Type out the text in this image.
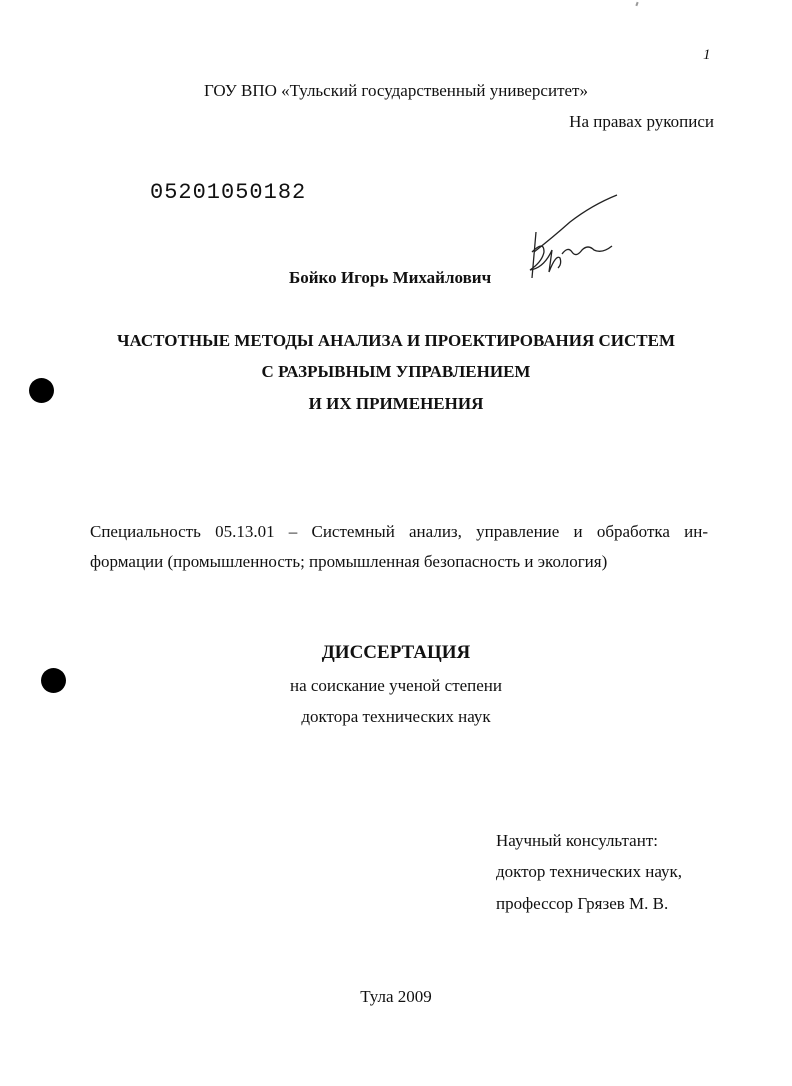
1
ГОУ ВПО «Тульский государственный университет»
На правах рукописи
05201050182
Бойко Игорь Михайлович
ЧАСТОТНЫЕ МЕТОДЫ АНАЛИЗА И ПРОЕКТИРОВАНИЯ СИСТЕМ
С РАЗРЫВНЫМ УПРАВЛЕНИЕМ
И ИХ ПРИМЕНЕНИЯ

Специальность 05.13.01 – Системный анализ, управление и обработка ин-

формации (промышленность; промышленная безопасность и экология)

ДИССЕРТАЦИЯ
на соискание ученой степени
доктора технических наук
Научный консультант:
доктор технических наук,
профессор Грязев М. В.
Тула 2009
